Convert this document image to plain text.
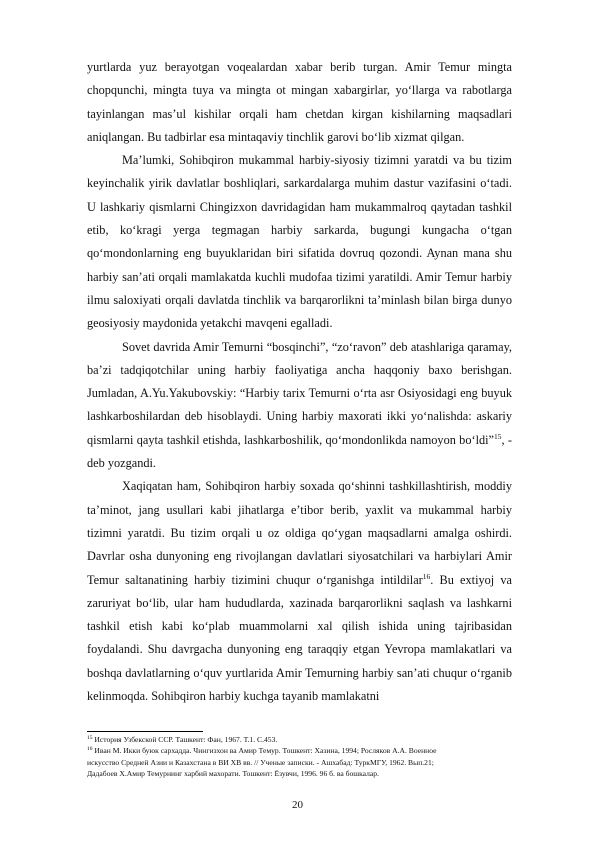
yurtlarda yuz berayotgan voqealardan xabar berib turgan. Amir Temur mingta chopqunchi, mingta tuya va mingta ot mingan xabargirlar, yo‘llarga va rabotlarga tayinlangan mas’ul kishilar orqali ham chetdan kirgan kishilarning maqsadlari aniqlangan. Bu tadbirlar esa mintaqaviy tinchlik garovi bo‘lib xizmat qilgan.

Ma’lumki, Sohibqiron mukammal harbiy-siyosiy tizimni yaratdi va bu tizim keyinchalik yirik davlatlar boshliqlari, sarkardalarga muhim dastur vazifasini o‘tadi. U lashkariy qismlarni Chingizxon davridagidan ham mukammalroq qaytadan tashkil etib, ko‘kragi yerga tegmagan harbiy sarkarda, bugungi kungacha o‘tgan qo‘mondonlarning eng buyuklaridan biri sifatida dovruq qozondi. Aynan mana shu harbiy san’ati orqali mamlakatda kuchli mudofaa tizimi yaratildi. Amir Temur harbiy ilmu saloxiyati orqali davlatda tinchlik va barqarorlikni ta’minlash bilan birga dunyo geosiyosiy maydonida yetakchi mavqeni egalladi.

Sovet davrida Amir Temurni “bosqinchi”, “zo‘ravon” deb atashlariga qaramay, ba’zi tadqiqotchilar uning harbiy faoliyatiga ancha haqqoniy baxo berishgan. Jumladan, A.Yu.Yakubovskiy: “Harbiy tarix Temurni o‘rta asr Osiyosidagi eng buyuk lashkarboshilardan deb hisoblaydi. Uning harbiy maxorati ikki yo‘nalishda: askariy qismlarni qayta tashkil etishda, lashkarboshilik, qo‘mondonlikda namoyon bo‘ldi”$^{15}$, - deb yozgandi.

Xaqiqatan ham, Sohibqiron harbiy soxada qo‘shinni tashkillashtirish, moddiy ta’minot, jang usullari kabi jihatlarga e’tibor berib, yaxlit va mukammal harbiy tizimni yaratdi. Bu tizim orqali u oz oldiga qo‘ygan maqsadlarni amalga oshirdi. Davrlar osha dunyoning eng rivojlangan davlatlari siyosatchilari va harbiylari Amir Temur saltanatining harbiy tizimini chuqur o‘rganishga intildilar$^{16}$. Bu extiyoj va zaruriyat bo‘lib, ular ham hududlarda, xazinada barqarorlikni saqlash va lashkarni tashkil etish kabi ko‘plab muammolarni xal qilish ishida uning tajribasidan foydalandi. Shu davrgacha dunyoning eng taraqqiy etgan Yevropa mamlakatlari va boshqa davlatlarning o‘quv yurtlarida Amir Temurning harbiy san’ati chuqur o‘rganib kelinmoqda. Sohibqiron harbiy kuchga tayanib mamlakatni

$^{15}$ История Узбекской ССР. Ташкент: Фан, 1967. Т.1. С.453.

$^{16}$ Иван М. Икки буюк сархадда. Чингизхон ва Амир Темур. Тошкент: Хазина, 1994; Росляков А.А. Военное

искусство Средней Азии и Казахстана в ВИ ХВ вв. // Ученые записки. - Ашхабад: ТуркМГУ, 1962. Вып.21;

Дадабоев Х.Амир Темурнинг харбий махорати. Тошкент: Ёзувчи, 1996. 96 б. ва бошкалар.

20
